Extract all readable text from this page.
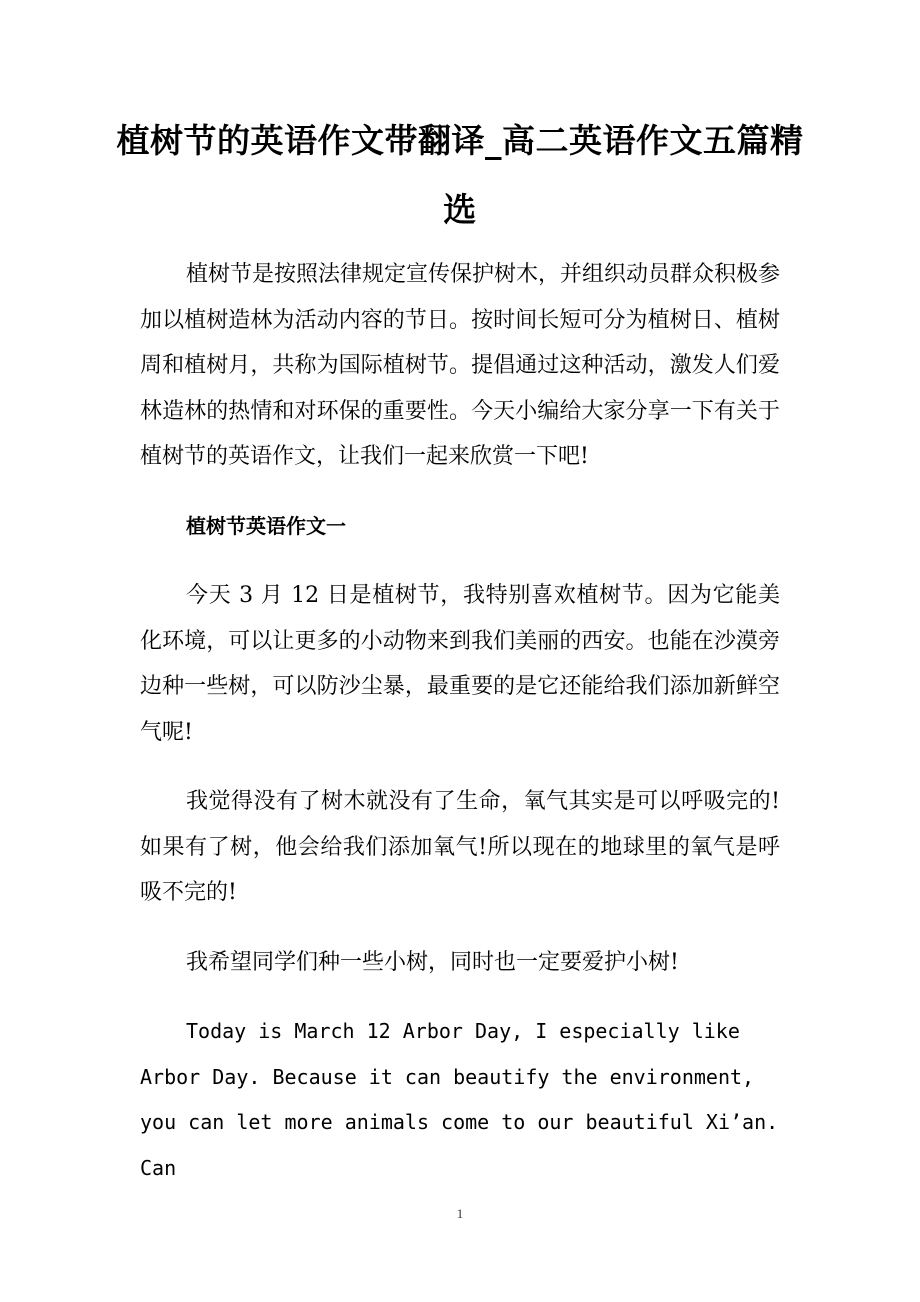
植树节的英语作文带翻译_高二英语作文五篇精选

植树节是按照法律规定宣传保护树木，并组织动员群众积极参加以植树造林为活动内容的节日。按时间长短可分为植树日、植树周和植树月，共称为国际植树节。提倡通过这种活动，激发人们爱林造林的热情和对环保的重要性。今天小编给大家分享一下有关于植树节的英语作文，让我们一起来欣赏一下吧!

植树节英语作文一

今天 3 月 12 日是植树节，我特别喜欢植树节。因为它能美化环境，可以让更多的小动物来到我们美丽的西安。也能在沙漠旁边种一些树，可以防沙尘暴，最重要的是它还能给我们添加新鲜空气呢!

我觉得没有了树木就没有了生命，氧气其实是可以呼吸完的!如果有了树，他会给我们添加氧气!所以现在的地球里的氧气是呼吸不完的!

我希望同学们种一些小树，同时也一定要爱护小树!

Today is March 12 Arbor Day, I especially like Arbor Day. Because it can beautify the environment, you can let more animals come to our beautiful Xi’an. Can

1
